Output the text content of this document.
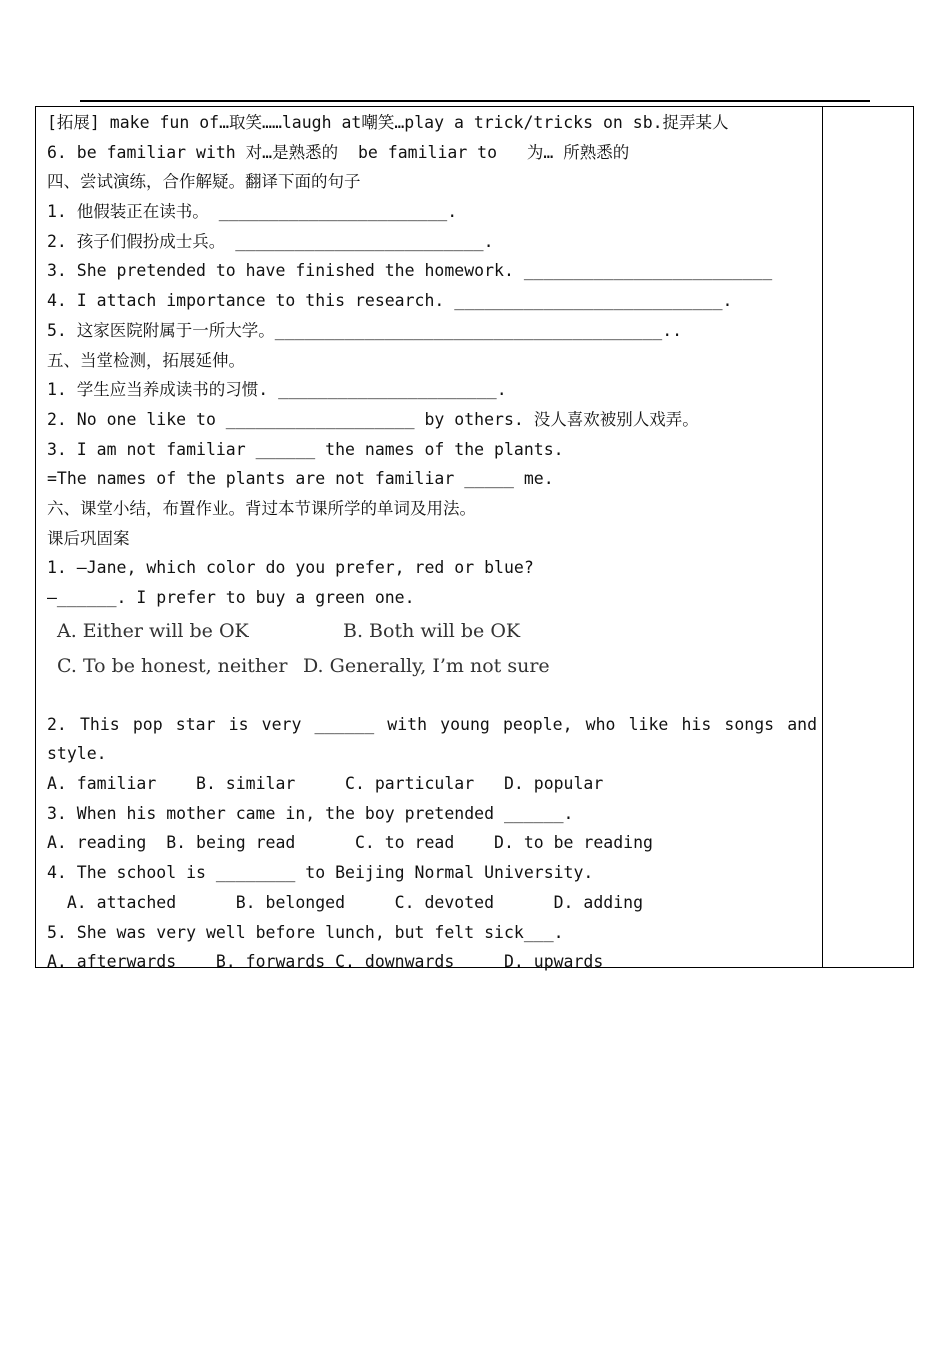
[拓展] make fun of…取笑……laugh at嘲笑…play a trick/tricks on sb.捉弄某人
6. be familiar with 对…是熟悉的  be familiar to   为… 所熟悉的
四、尝试演练，合作解疑。翻译下面的句子
1. 他假装正在读书。 _______________________.
2. 孩子们假扮成士兵。 _________________________.
3. She pretended to have finished the homework. _________________________
4. I attach importance to this research. ___________________________.
5. 这家医院附属于一所大学。_______________________________________..
五、当堂检测，拓展延伸。
1. 学生应当养成读书的习惯. ______________________.
2. No one like to ___________________ by others. 没人喜欢被别人戏弄。
3. I am not familiar ______ the names of the plants.
=The names of the plants are not familiar _____ me.
六、课堂小结，布置作业。背过本节课所学的单词及用法。
课后巩固案
1. —Jane, which color do you prefer, red or blue?
—______. I prefer to buy a green one.
A. Either will be OK	B. Both will be OK
C. To be honest, neither D. Generally, I’m not sure
2. This pop star is very ______ with young people, who like his songs and
style.
A. familiar    B. similar     C. particular   D. popular
3. When his mother came in, the boy pretended ______.
A. reading  B. being read      C. to read    D. to be reading
4. The school is ________ to Beijing Normal University.
A. attached      B. belonged     C. devoted      D. adding
5. She was very well before lunch, but felt sick___.
A. afterwards    B. forwards C. downwards     D. upwards
